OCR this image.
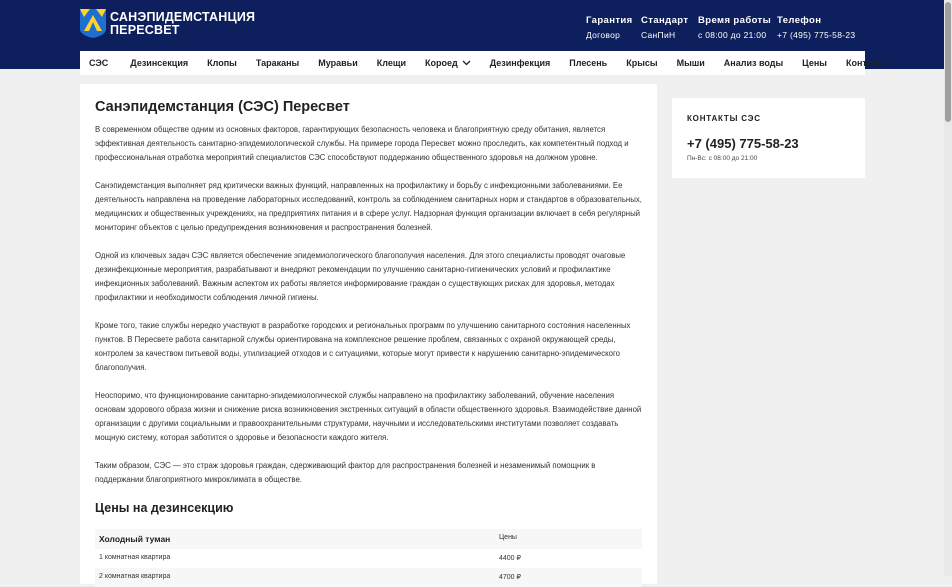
САНЭПИДЕМСТАНЦИЯ
ПЕРЕСВЕТ
Гарантия
Договор
Стандарт
СанПиН
Время работы
с 08:00 до 21:00
Телефон
+7 (495) 775-58-23
СЭС Дезинсекция Клопы Тараканы Муравьи Клещи Короед	Дезинфекция Плесень Крысы Мыши Анализ воды Цены Контакты
Санэпидемстанция (СЭС) Пересвет

В современном обществе одним из основных факторов, гарантирующих безопасность человека и благоприятную среду обитания, является эффективная деятельность санитарно-эпидемиологической службы. На примере города Пересвет можно проследить, как компетентный подход и профессиональная отработка мероприятий специалистов СЭС способствуют поддержанию общественного здоровья на должном уровне.

Санэпидемстанция выполняет ряд критически важных функций, направленных на профилактику и борьбу с инфекционными заболеваниями. Ее деятельность направлена на проведение лабораторных исследований, контроль за соблюдением санитарных норм и стандартов в образовательных, медицинских и общественных учреждениях, на предприятиях питания и в сфере услуг. Надзорная функция организации включает в себя регулярный мониторинг объектов с целью предупреждения возникновения и распространения болезней.

Одной из ключевых задач СЭС является обеспечение эпидемиологического благополучия населения. Для этого специалисты проводят очаговые дезинфекционные мероприятия, разрабатывают и внедряют рекомендации по улучшению санитарно-гигиенических условий и профилактике инфекционных заболеваний. Важным аспектом их работы является информирование граждан о существующих рисках для здоровья, методах профилактики и необходимости соблюдения личной гигиены.

Кроме того, такие службы нередко участвуют в разработке городских и региональных программ по улучшению санитарного состояния населенных пунктов. В Пересвете работа санитарной службы ориентирована на комплексное решение проблем, связанных с охраной окружающей среды, контролем за качеством питьевой воды, утилизацией отходов и с ситуациями, которые могут привести к нарушению санитарно-эпидемического благополучия.

Неоспоримо, что функционирование санитарно-эпидемиологической службы направлено на профилактику заболеваний, обучение населения основам здорового образа жизни и снижение риска возникновения экстренных ситуаций в области общественного здоровья. Взаимодействие данной организации с другими социальными и правоохранительными структурами, научными и исследовательскими институтами позволяет создавать мощную систему, которая заботится о здоровье и безопасности каждого жителя.

Таким образом, СЭС — это страж здоровья граждан, сдерживающий фактор для распространения болезней и незаменимый помощник в поддержании благоприятного микроклимата в обществе.

Цены на дезинсекцию
Холодный туман	Цены
1 комнатная квартира	4400 ₽
2 комнатная квартира	4700 ₽
КОНТАКТЫ СЭС
+7 (495) 775-58-23
Пн-Вс: с 08:00 до 21:00
